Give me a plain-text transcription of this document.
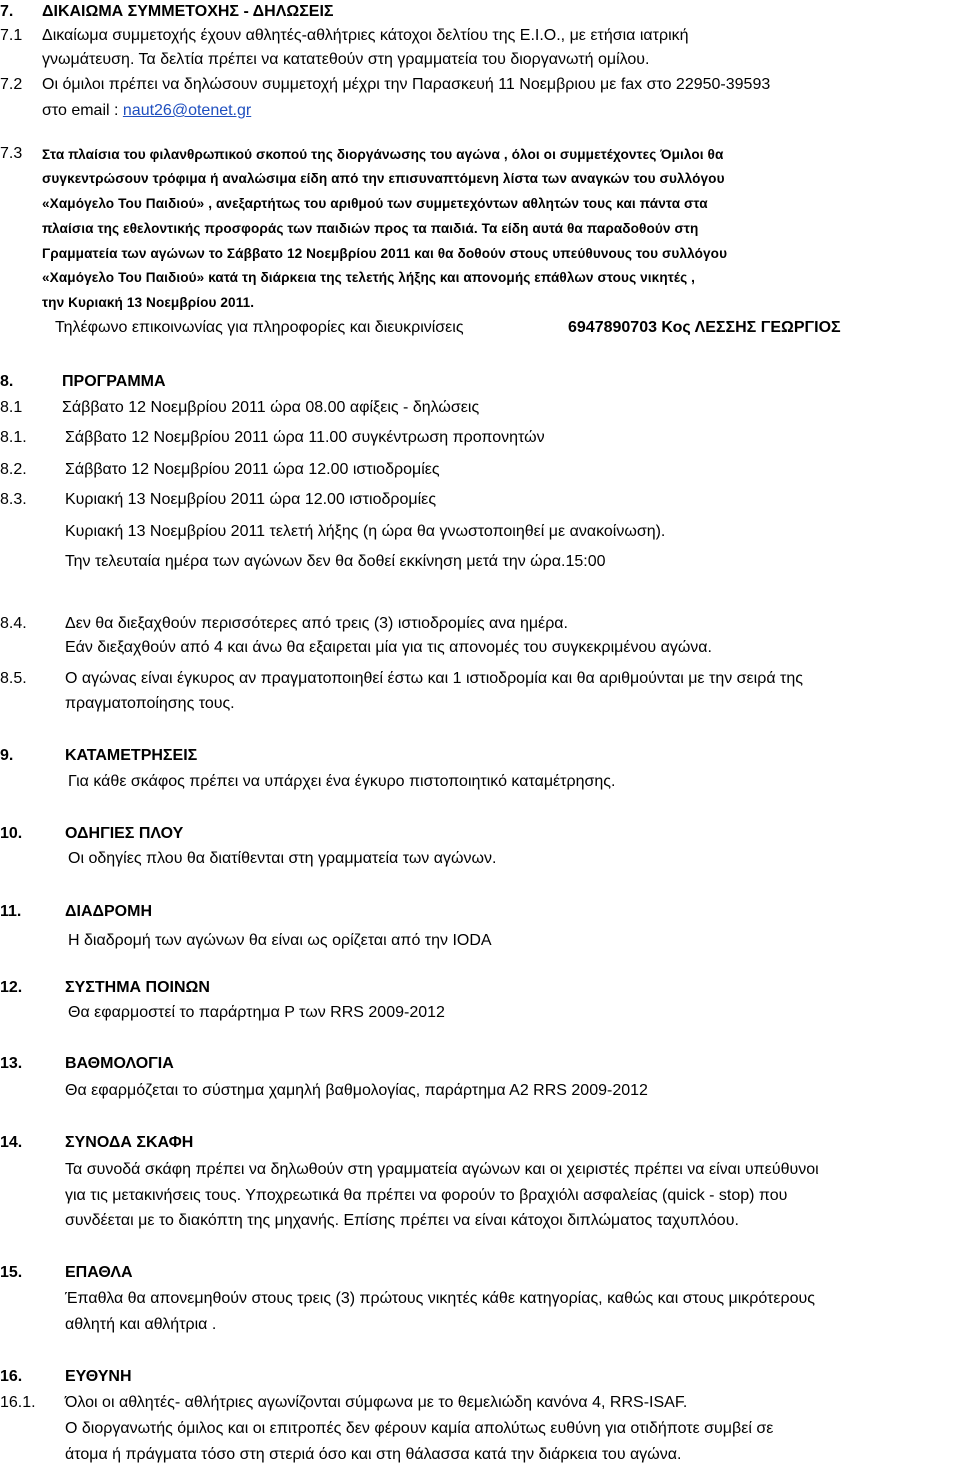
7. ΔΙΚΑΙΩΜΑ ΣΥΜΜΕΤΟΧΗΣ - ΔΗΛΩΣΕΙΣ
7.1 Δικαίωμα συμμετοχής έχουν αθλητές-αθλήτριες κάτοχοι δελτίου της Ε.Ι.Ο., με ετήσια ιατρική
γνωμάτευση. Τα δελτία πρέπει να κατατεθούν στη γραμματεία του διοργανωτή ομίλου.
7.2 Οι όμιλοι πρέπει να δηλώσουν συμμετοχή μέχρι την Παρασκευή 11 Νοεμβριου με fax στο 22950-39593
στο email : naut26@otenet.gr
7.3 Στα πλαίσια του φιλανθρωπικού σκοπού της διοργάνωσης του αγώνα , όλοι οι συμμετέχοντες Όμιλοι θα
συγκεντρώσουν τρόφιμα ή αναλώσιμα είδη από την επισυναπτόμενη λίστα των αναγκών του συλλόγου
«Χαμόγελο Του Παιδιού» , ανεξαρτήτως του αριθμού των συμμετεχόντων αθλητών τους και πάντα στα
πλαίσια της εθελοντικής προσφοράς των παιδιών προς τα παιδιά. Τα είδη αυτά θα παραδοθούν στη
Γραμματεία των αγώνων το Σάββατο 12 Νοεμβρίου 2011 και θα δοθούν στους υπεύθυνους του συλλόγου
«Χαμόγελο Του Παιδιού» κατά τη διάρκεια της τελετής λήξης και απονομής επάθλων στους νικητές ,
την Κυριακή 13 Νοεμβρίου 2011.
Τηλέφωνο επικοινωνίας για πληροφορίες και διευκρινίσεις	6947890703 Κος ΛΕΣΣΗΣ ΓΕΩΡΓΙΟΣ
8.	ΠΡΟΓΡΑΜΜΑ
8.1 Σάββατο 12 Νοεμβρίου 2011 ώρα 08.00 αφίξεις - δηλώσεις
8.1. Σάββατο 12 Νοεμβρίου 2011 ώρα 11.00 συγκέντρωση προπονητών
8.2. Σάββατο 12 Νοεμβρίου 2011 ώρα 12.00 ιστιοδρομίες
8.3. Κυριακή 13 Νοεμβρίου 2011 ώρα 12.00 ιστιοδρομίες
Κυριακή 13 Νοεμβρίου 2011 τελετή λήξης (η ώρα θα γνωστοποιηθεί με ανακοίνωση).
Την τελευταία ημέρα των αγώνων δεν θα δοθεί εκκίνηση μετά την ώρα.15:00
8.4. Δεν θα διεξαχθούν περισσότερες από τρεις (3) ιστιοδρομίες ανα ημέρα.
Εάν διεξαχθούν από 4 και άνω θα εξαιρεται μία για τις απονομές του συγκεκριμένου αγώνα.
8.5. Ο αγώνας είναι έγκυρος αν πραγματοποιηθεί έστω και 1 ιστιοδρομία και θα αριθμούνται με την σειρά της
πραγματοποίησης τους.
9.	ΚΑΤΑΜΕΤΡΗΣΕΙΣ
Για κάθε σκάφος πρέπει να υπάρχει ένα έγκυρο πιστοποιητικό καταμέτρησης.
10.	ΟΔΗΓΙΕΣ ΠΛΟΥ
Οι οδηγίες πλου θα διατίθενται στη γραμματεία των αγώνων.
11.	ΔΙΑΔΡΟΜΗ
Η διαδρομή των αγώνων θα είναι ως ορίζεται από την IODA
12.	ΣΥΣΤΗΜΑ ΠΟΙΝΩΝ
Θα εφαρμοστεί το παράρτημα Ρ των RRS 2009-2012
13.	ΒΑΘΜΟΛΟΓΙΑ
Θα εφαρμόζεται το σύστημα χαμηλή βαθμολογίας, παράρτημα Α2 RRS 2009-2012
14.	ΣΥΝΟΔΑ ΣΚΑΦΗ
Τα συνοδά σκάφη πρέπει να δηλωθούν στη γραμματεία αγώνων και οι χειριστές πρέπει να είναι υπεύθυνοι
για τις μετακινήσεις τους. Υποχρεωτικά θα πρέπει να φορούν το βραχιόλι ασφαλείας (quick - stop) που
συνδέεται με το διακόπτη της μηχανής. Επίσης πρέπει να είναι κάτοχοι διπλώματος ταχυπλόου.
15.	ΕΠΑΘΛΑ
Έπαθλα θα απονεμηθούν στους τρεις (3) πρώτους νικητές κάθε κατηγορίας, καθώς και στους μικρότερους
αθλητή και αθλήτρια .
16.	ΕΥΘΥΝΗ
16.1. Όλοι οι αθλητές- αθλήτριες αγωνίζονται σύμφωνα με το θεμελιώδη κανόνα 4, RRS-ISAF.
Ο διοργανωτής όμιλος και οι επιτροπές δεν φέρουν καμία απολύτως ευθύνη για οτιδήποτε συμβεί σε
άτομα ή πράγματα τόσο στη στεριά όσο και στη θάλασσα κατά την διάρκεια του αγώνα.
